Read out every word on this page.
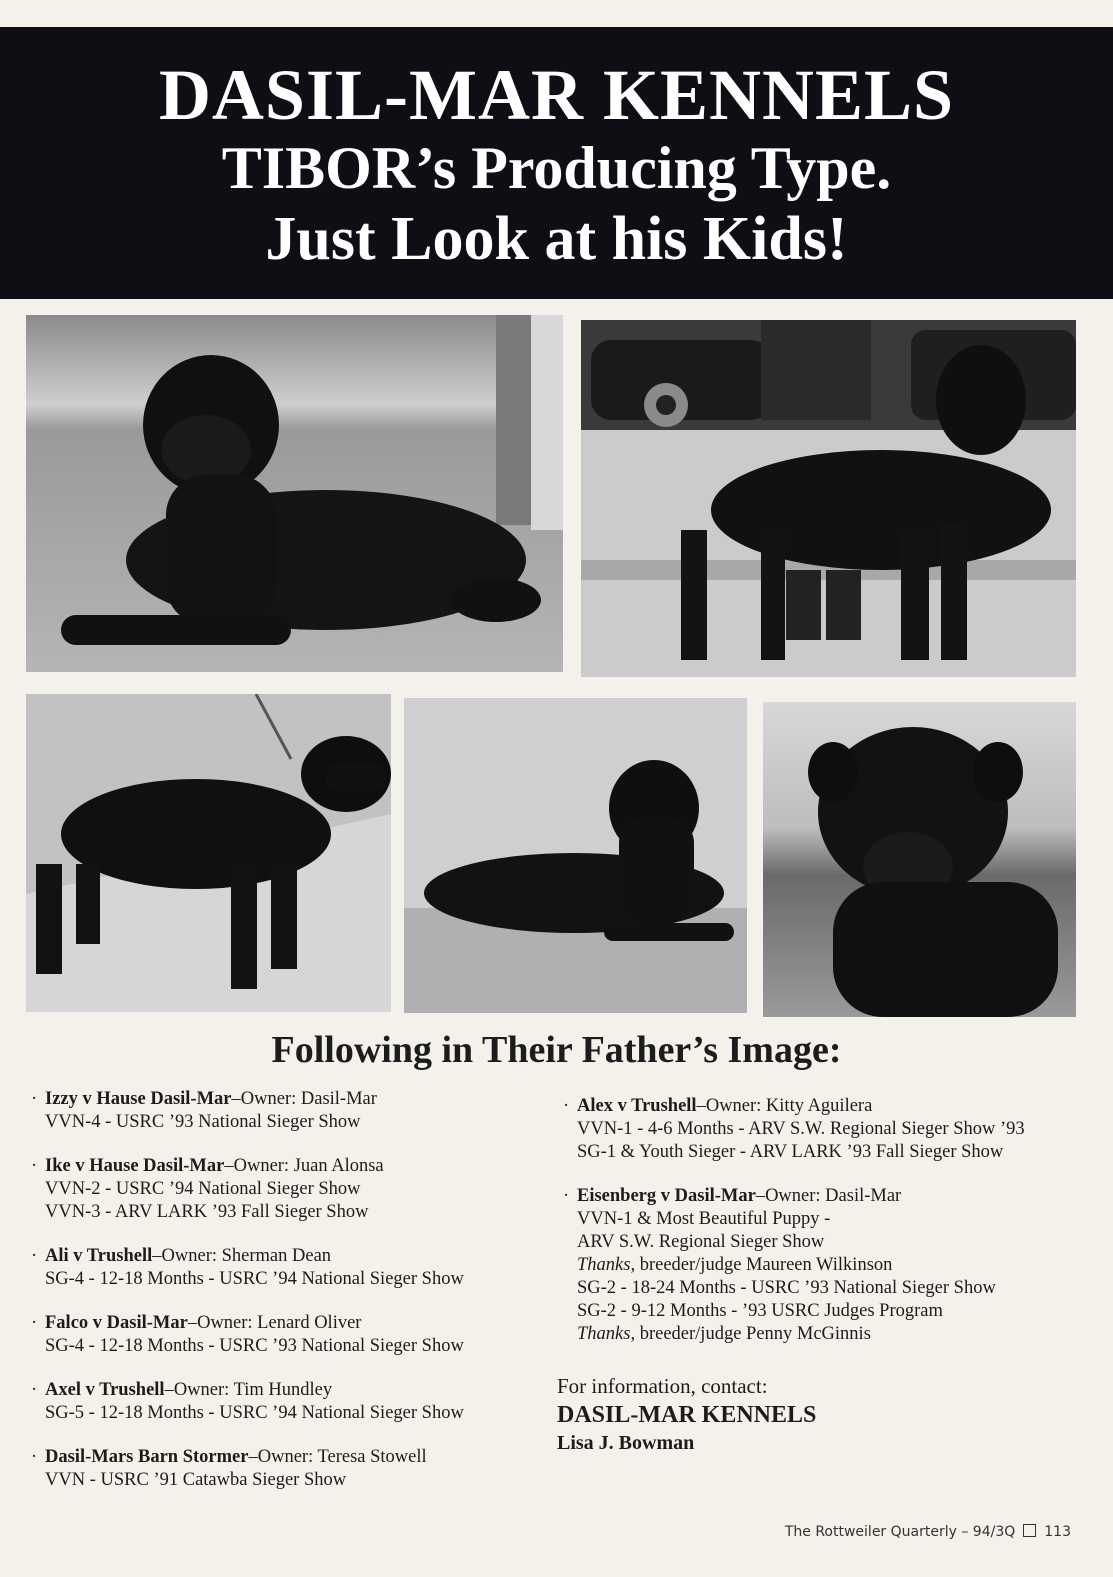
DASIL-MAR KENNELS
TIBOR’s Producing Type.
Just Look at his Kids!
Following in Their Father’s Image:
· Izzy v Hause Dasil-Mar–Owner: Dasil-Mar
VVN-4 - USRC ’93 National Sieger Show
· Ike v Hause Dasil-Mar–Owner: Juan Alonsa
VVN-2 - USRC ’94 National Sieger Show
VVN-3 - ARV LARK ’93 Fall Sieger Show
· Ali v Trushell–Owner: Sherman Dean
SG-4 - 12-18 Months - USRC ’94 National Sieger Show
· Falco v Dasil-Mar–Owner: Lenard Oliver
SG-4 - 12-18 Months - USRC ’93 National Sieger Show
· Axel v Trushell–Owner: Tim Hundley
SG-5 - 12-18 Months - USRC ’94 National Sieger Show
· Dasil-Mars Barn Stormer–Owner: Teresa Stowell
VVN - USRC ’91 Catawba Sieger Show
· Alex v Trushell–Owner: Kitty Aguilera
VVN-1 - 4-6 Months - ARV S.W. Regional Sieger Show ’93
SG-1 & Youth Sieger - ARV LARK ’93 Fall Sieger Show
· Eisenberg v Dasil-Mar–Owner: Dasil-Mar
VVN-1 & Most Beautiful Puppy -
ARV S.W. Regional Sieger Show
Thanks, breeder/judge Maureen Wilkinson
SG-2 - 18-24 Months - USRC ’93 National Sieger Show
SG-2 - 9-12 Months - ’93 USRC Judges Program
Thanks, breeder/judge Penny McGinnis
For information, contact:
DASIL-MAR KENNELS
Lisa J. Bowman
The Rottweiler Quarterly – 94/3Q 113
